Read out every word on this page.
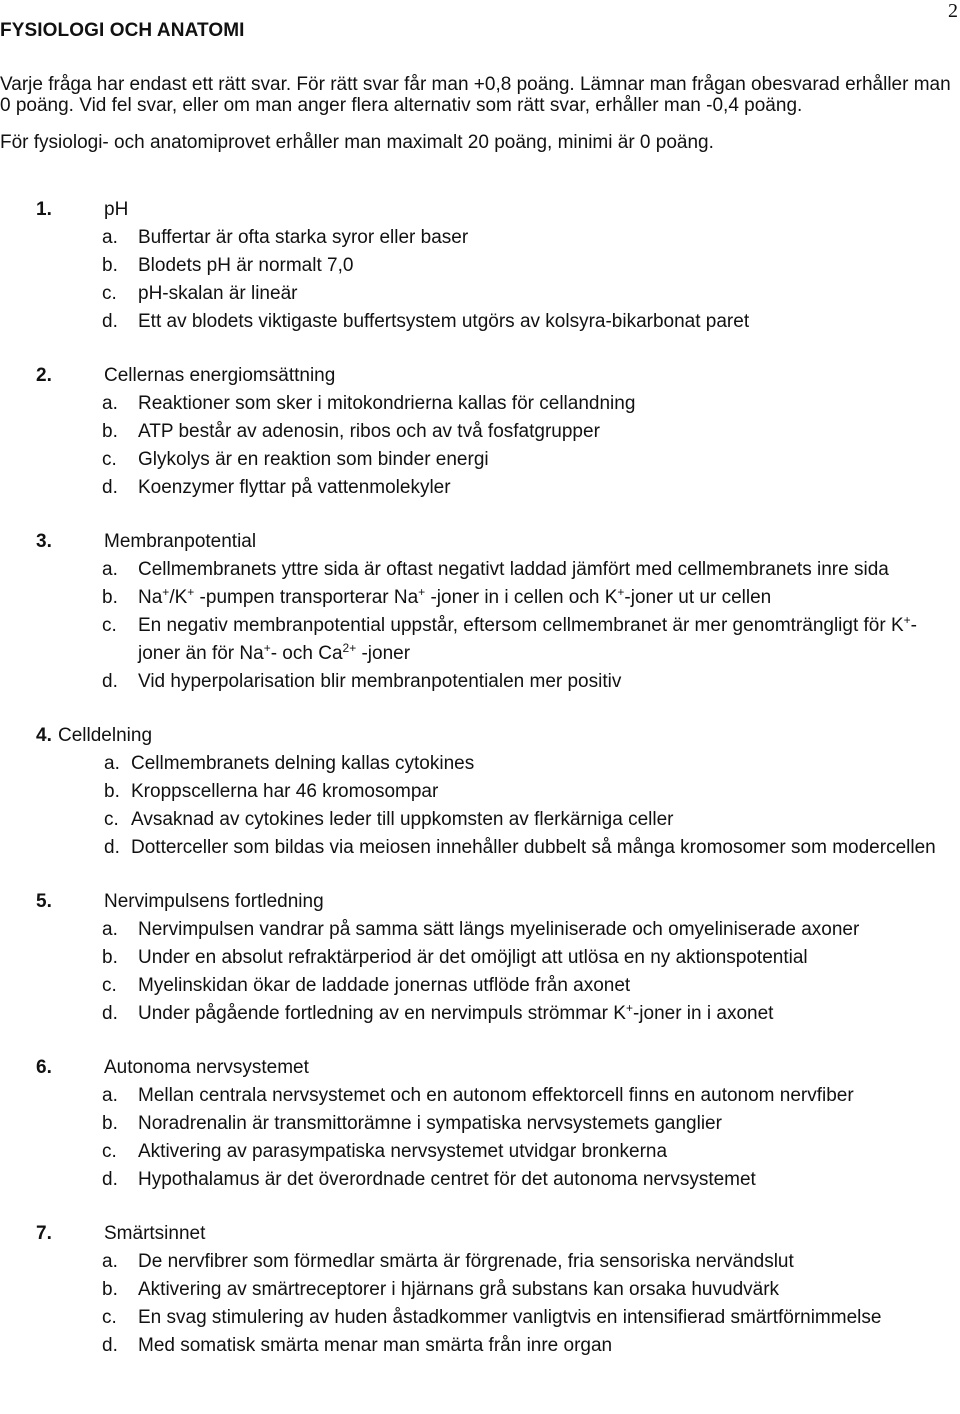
2
FYSIOLOGI OCH ANATOMI
Varje fråga har endast ett rätt svar. För rätt svar får man +0,8 poäng. Lämnar man frågan obesvarad erhåller man 0 poäng. Vid fel svar, eller om man anger flera alternativ som rätt svar, erhåller man -0,4 poäng.
För fysiologi- och anatomiprovet erhåller man maximalt 20 poäng, minimi är 0 poäng.
1.	pH
a.	Buffertar är ofta starka syror eller baser
b.	Blodets pH är normalt 7,0
c.	pH-skalan är lineär
d.	Ett av blodets viktigaste buffertsystem utgörs av kolsyra-bikarbonat paret
2.	Cellernas energiomsättning
a.	Reaktioner som sker i mitokondrierna kallas för cellandning
b.	ATP består av adenosin, ribos och av två fosfatgrupper
c.	Glykolys är en reaktion som binder energi
d.	Koenzymer flyttar på vattenmolekyler
3.	Membranpotential
a.	Cellmembranets yttre sida är oftast negativt laddad jämfört med cellmembranets inre sida
b.	Na+/K+ -pumpen transporterar Na+ -joner in i cellen och K+-joner ut ur cellen
c.	En negativ membranpotential uppstår, eftersom cellmembranet är mer genomträngligt för K+-joner än för Na+- och $Ca^{2+}$ -joner
d.	Vid hyperpolarisation blir membranpotentialen mer positiv
4. Celldelning
a. Cellmembranets delning kallas cytokines
b. Kroppscellerna har 46 kromosompar
c. Avsaknad av cytokines leder till uppkomsten av flerkärniga celler
d. Dotterceller som bildas via meiosen innehåller dubbelt så många kromosomer som modercellen
5.	Nervimpulsens fortledning
a.	Nervimpulsen vandrar på samma sätt längs myeliniserade och omyeliniserade axoner
b.	Under en absolut refraktärperiod är det omöjligt att utlösa en ny aktionspotential
c.	Myelinskidan ökar de laddade jonernas utflöde från axonet
d.	Under pågående fortledning av en nervimpuls strömmar K+-joner in i axonet
6.	Autonoma nervsystemet
a.	Mellan centrala nervsystemet och en autonom effektorcell finns en autonom nervfiber
b.	Noradrenalin är transmittorämne i sympatiska nervsystemets ganglier
c.	Aktivering av parasympatiska nervsystemet utvidgar bronkerna
d.	Hypothalamus är det överordnade centret för det autonoma nervsystemet
7.	Smärtsinnet
a.	De nervfibrer som förmedlar smärta är förgrenade, fria sensoriska nervändslut
b.	Aktivering av smärtreceptorer i hjärnans grå substans kan orsaka huvudvärk
c.	En svag stimulering av huden åstadkommer vanligtvis en intensifierad smärtförnimmelse
d.	Med somatisk smärta menar man smärta från inre organ
